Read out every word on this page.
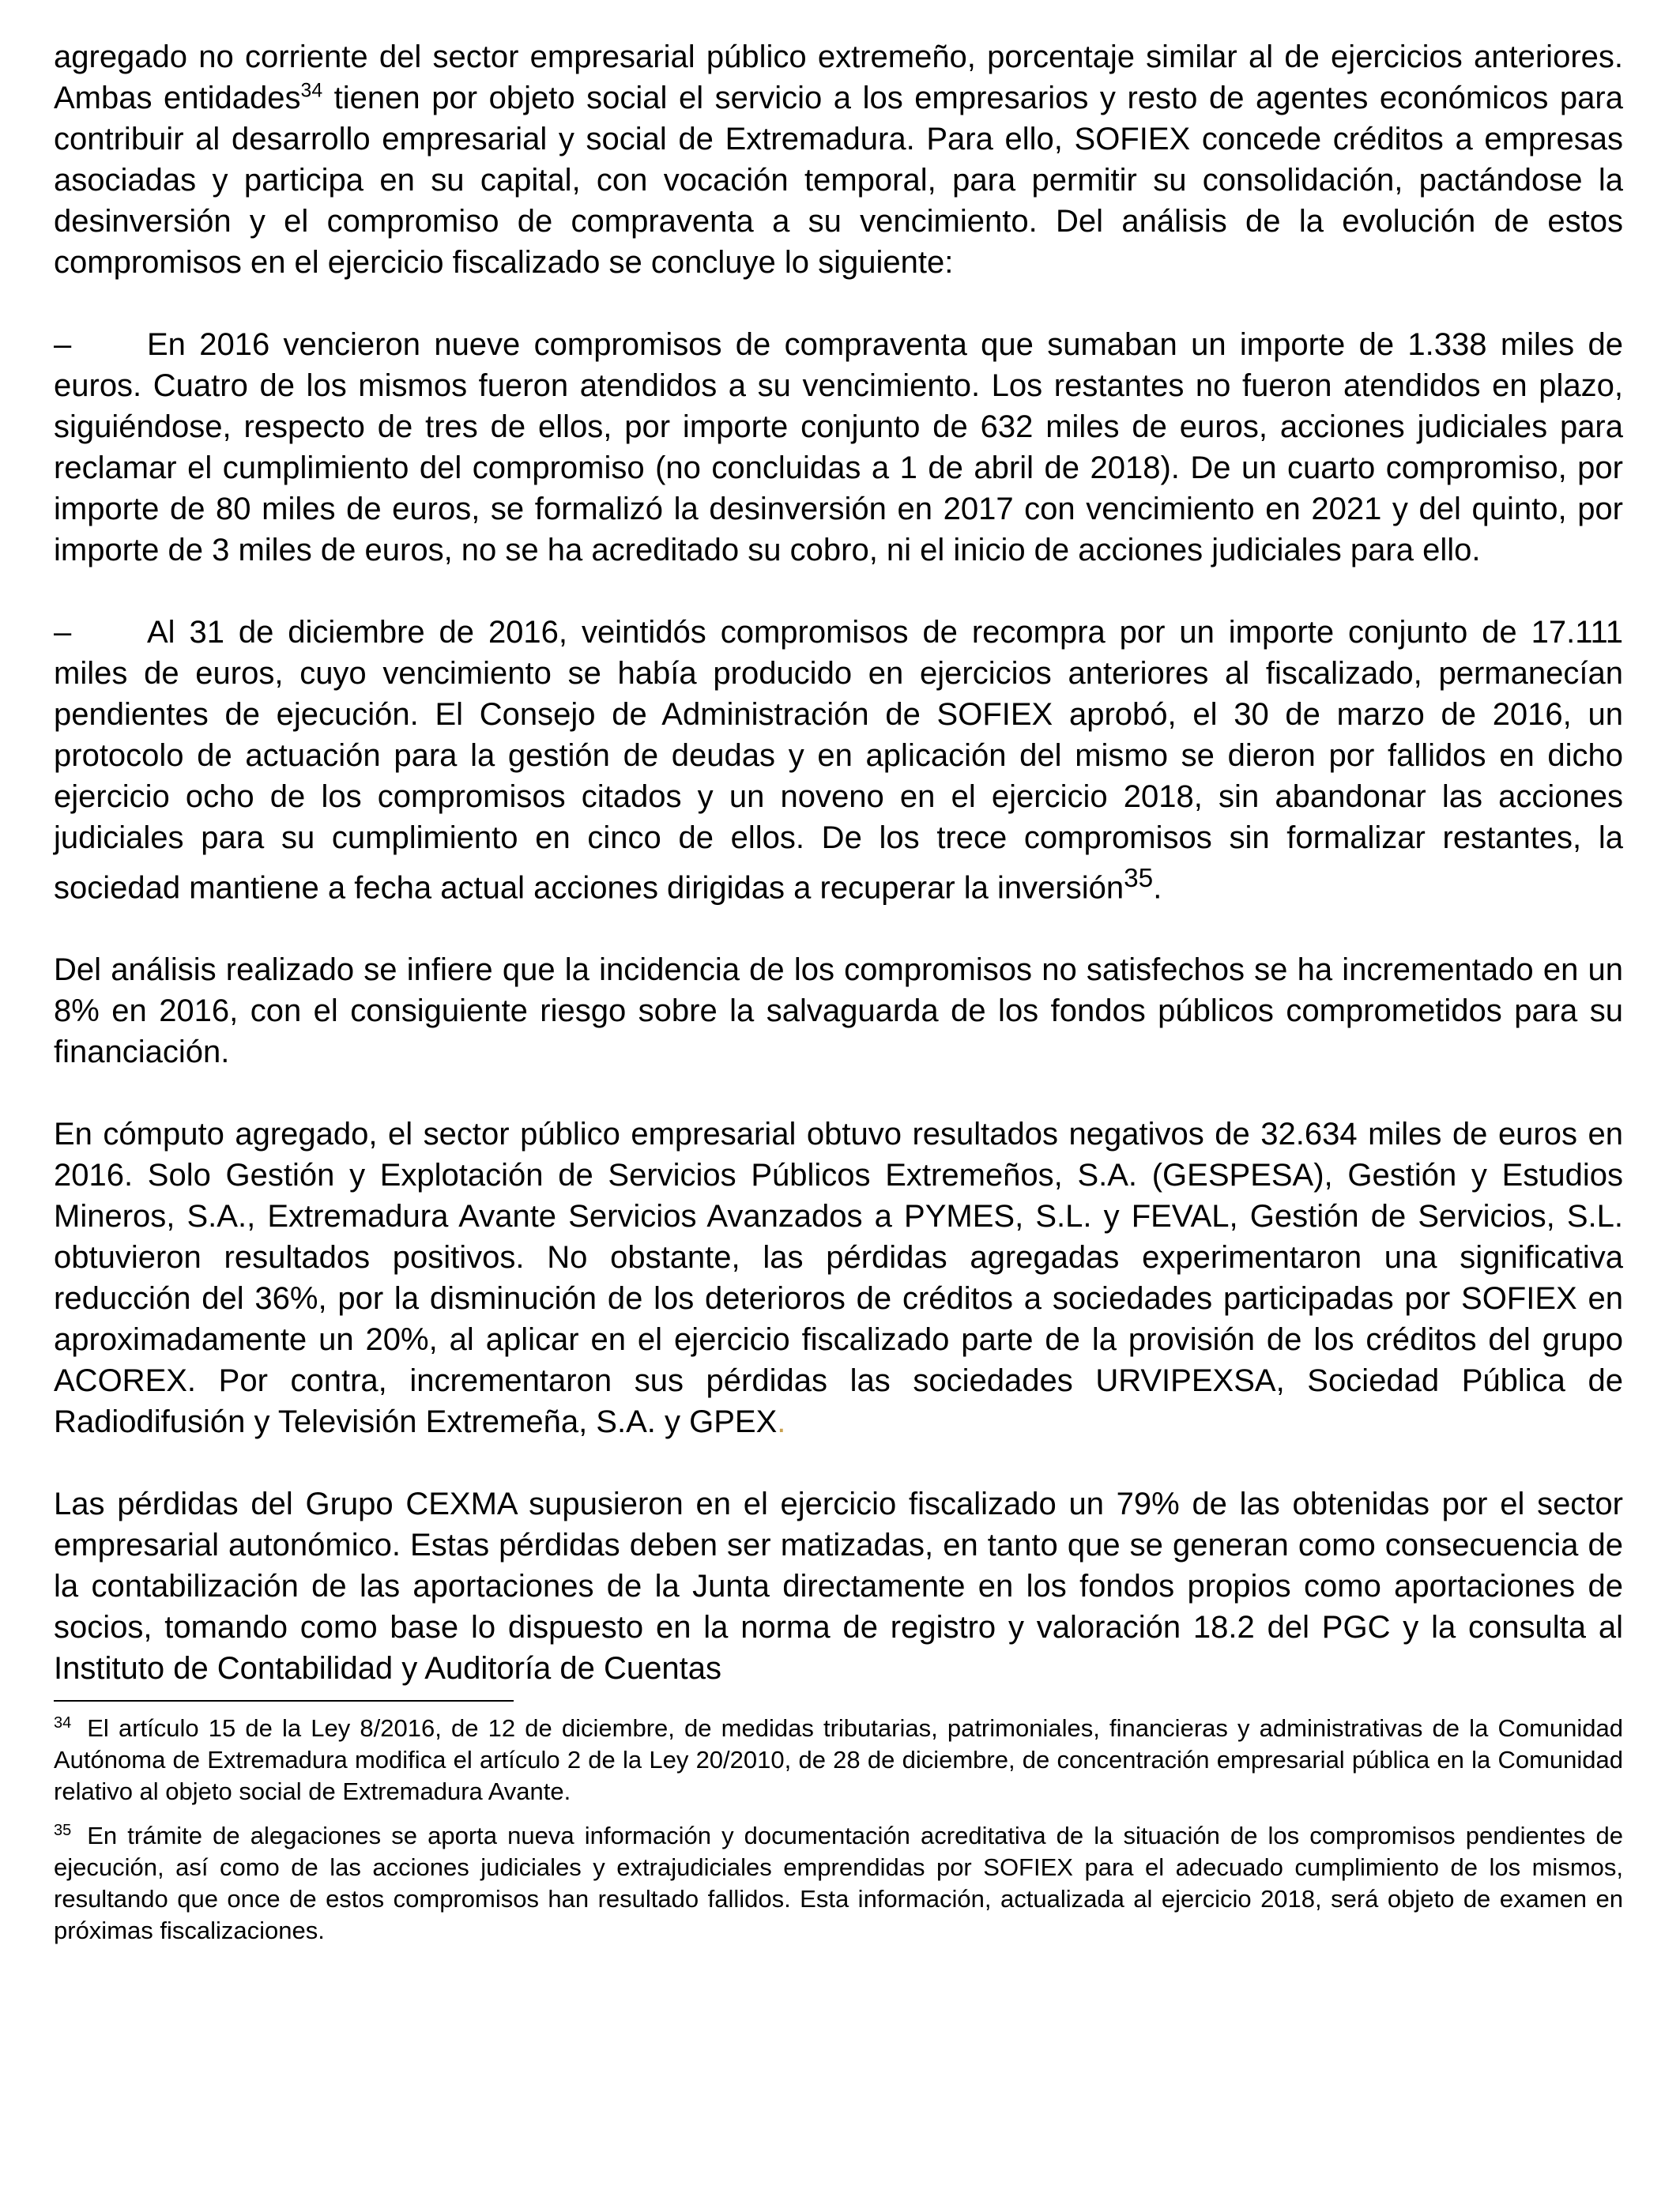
agregado no corriente del sector empresarial público extremeño, porcentaje similar al de ejercicios anteriores. Ambas entidades$^{34}$ tienen por objeto social el servicio a los empresarios y resto de agentes económicos para contribuir al desarrollo empresarial y social de Extremadura. Para ello, SOFIEX concede créditos a empresas asociadas y participa en su capital, con vocación temporal, para permitir su consolidación, pactándose la desinversión y el compromiso de compraventa a su vencimiento. Del análisis de la evolución de estos compromisos en el ejercicio fiscalizado se concluye lo siguiente:

– En 2016 vencieron nueve compromisos de compraventa que sumaban un importe de 1.338 miles de euros. Cuatro de los mismos fueron atendidos a su vencimiento. Los restantes no fueron atendidos en plazo, siguiéndose, respecto de tres de ellos, por importe conjunto de 632 miles de euros, acciones judiciales para reclamar el cumplimiento del compromiso (no concluidas a 1 de abril de 2018). De un cuarto compromiso, por importe de 80 miles de euros, se formalizó la desinversión en 2017 con vencimiento en 2021 y del quinto, por importe de 3 miles de euros, no se ha acreditado su cobro, ni el inicio de acciones judiciales para ello.

– Al 31 de diciembre de 2016, veintidós compromisos de recompra por un importe conjunto de 17.111 miles de euros, cuyo vencimiento se había producido en ejercicios anteriores al fiscalizado, permanecían pendientes de ejecución. El Consejo de Administración de SOFIEX aprobó, el 30 de marzo de 2016, un protocolo de actuación para la gestión de deudas y en aplicación del mismo se dieron por fallidos en dicho ejercicio ocho de los compromisos citados y un noveno en el ejercicio 2018, sin abandonar las acciones judiciales para su cumplimiento en cinco de ellos. De los trece compromisos sin formalizar restantes, la sociedad mantiene a fecha actual acciones dirigidas a recuperar la inversión$^{35}$.

Del análisis realizado se infiere que la incidencia de los compromisos no satisfechos se ha incrementado en un 8% en 2016, con el consiguiente riesgo sobre la salvaguarda de los fondos públicos comprometidos para su financiación.

En cómputo agregado, el sector público empresarial obtuvo resultados negativos de 32.634 miles de euros en 2016. Solo Gestión y Explotación de Servicios Públicos Extremeños, S.A. (GESPESA), Gestión y Estudios Mineros, S.A., Extremadura Avante Servicios Avanzados a PYMES, S.L. y FEVAL, Gestión de Servicios, S.L. obtuvieron resultados positivos. No obstante, las pérdidas agregadas experimentaron una significativa reducción del 36%, por la disminución de los deterioros de créditos a sociedades participadas por SOFIEX en aproximadamente un 20%, al aplicar en el ejercicio fiscalizado parte de la provisión de los créditos del grupo ACOREX. Por contra, incrementaron sus pérdidas las sociedades URVIPEXSA, Sociedad Pública de Radiodifusión y Televisión Extremeña, S.A. y GPEX.

Las pérdidas del Grupo CEXMA supusieron en el ejercicio fiscalizado un 79% de las obtenidas por el sector empresarial autonómico. Estas pérdidas deben ser matizadas, en tanto que se generan como consecuencia de la contabilización de las aportaciones de la Junta directamente en los fondos propios como aportaciones de socios, tomando como base lo dispuesto en la norma de registro y valoración 18.2 del PGC y la consulta al Instituto de Contabilidad y Auditoría de Cuentas

$^{34}$ El artículo 15 de la Ley 8/2016, de 12 de diciembre, de medidas tributarias, patrimoniales, financieras y administrativas de la Comunidad Autónoma de Extremadura modifica el artículo 2 de la Ley 20/2010, de 28 de diciembre, de concentración empresarial pública en la Comunidad relativo al objeto social de Extremadura Avante.

$^{35}$ En trámite de alegaciones se aporta nueva información y documentación acreditativa de la situación de los compromisos pendientes de ejecución, así como de las acciones judiciales y extrajudiciales emprendidas por SOFIEX para el adecuado cumplimiento de los mismos, resultando que once de estos compromisos han resultado fallidos. Esta información, actualizada al ejercicio 2018, será objeto de examen en próximas fiscalizaciones.
